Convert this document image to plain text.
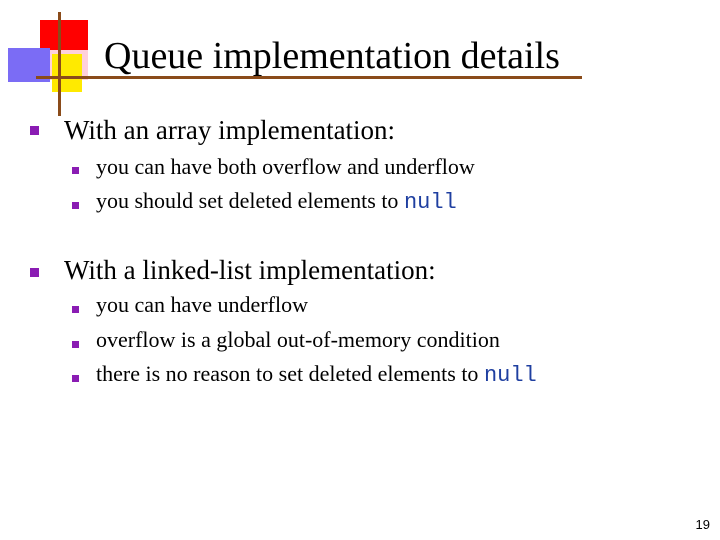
Queue implementation details
With an array implementation:
you can have both overflow and underflow
you should set deleted elements to null
With a linked-list implementation:
you can have underflow
overflow is a global out-of-memory condition
there is no reason to set deleted elements to null
19
